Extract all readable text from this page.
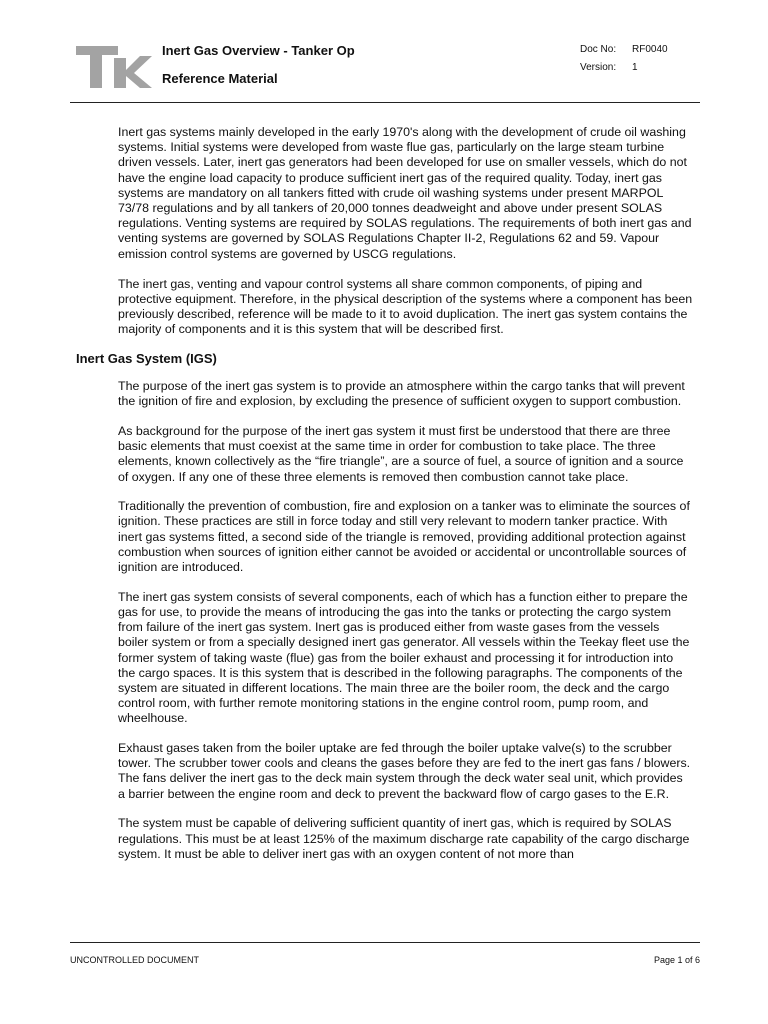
Inert Gas Overview - Tanker Op
Reference Material
Doc No: RF0040
Version: 1

Inert gas systems mainly developed in the early 1970's along with the development of crude oil washing systems. Initial systems were developed from waste flue gas, particularly on the large steam turbine driven vessels. Later, inert gas generators had been developed for use on smaller vessels, which do not have the engine load capacity to produce sufficient inert gas of the required quality. Today, inert gas systems are mandatory on all tankers fitted with crude oil washing systems under present MARPOL 73/78 regulations and by all tankers of 20,000 tonnes deadweight and above under present SOLAS regulations. Venting systems are required by SOLAS regulations. The requirements of both inert gas and venting systems are governed by SOLAS Regulations Chapter II-2, Regulations 62 and 59. Vapour emission control systems are governed by USCG regulations.

The inert gas, venting and vapour control systems all share common components, of piping and protective equipment. Therefore, in the physical description of the systems where a component has been previously described, reference will be made to it to avoid duplication. The inert gas system contains the majority of components and it is this system that will be described first.

Inert Gas System (IGS)

The purpose of the inert gas system is to provide an atmosphere within the cargo tanks that will prevent the ignition of fire and explosion, by excluding the presence of sufficient oxygen to support combustion.

As background for the purpose of the inert gas system it must first be understood that there are three basic elements that must coexist at the same time in order for combustion to take place. The three elements, known collectively as the “fire triangle”, are a source of fuel, a source of ignition and a source of oxygen. If any one of these three elements is removed then combustion cannot take place.

Traditionally the prevention of combustion, fire and explosion on a tanker was to eliminate the sources of ignition. These practices are still in force today and still very relevant to modern tanker practice. With inert gas systems fitted, a second side of the triangle is removed, providing additional protection against combustion when sources of ignition either cannot be avoided or accidental or uncontrollable sources of ignition are introduced.

The inert gas system consists of several components, each of which has a function either to prepare the gas for use, to provide the means of introducing the gas into the tanks or protecting the cargo system from failure of the inert gas system. Inert gas is produced either from waste gases from the vessels boiler system or from a specially designed inert gas generator. All vessels within the Teekay fleet use the former system of taking waste (flue) gas from the boiler exhaust and processing it for introduction into the cargo spaces. It is this system that is described in the following paragraphs. The components of the system are situated in different locations. The main three are the boiler room, the deck and the cargo control room, with further remote monitoring stations in the engine control room, pump room, and wheelhouse.

Exhaust gases taken from the boiler uptake are fed through the boiler uptake valve(s) to the scrubber tower. The scrubber tower cools and cleans the gases before they are fed to the inert gas fans / blowers. The fans deliver the inert gas to the deck main system through the deck water seal unit, which provides a barrier between the engine room and deck to prevent the backward flow of cargo gases to the E.R.

The system must be capable of delivering sufficient quantity of inert gas, which is required by SOLAS regulations. This must be at least 125% of the maximum discharge rate capability of the cargo discharge system. It must be able to deliver inert gas with an oxygen content of not more than

UNCONTROLLED DOCUMENT	Page 1 of 6
